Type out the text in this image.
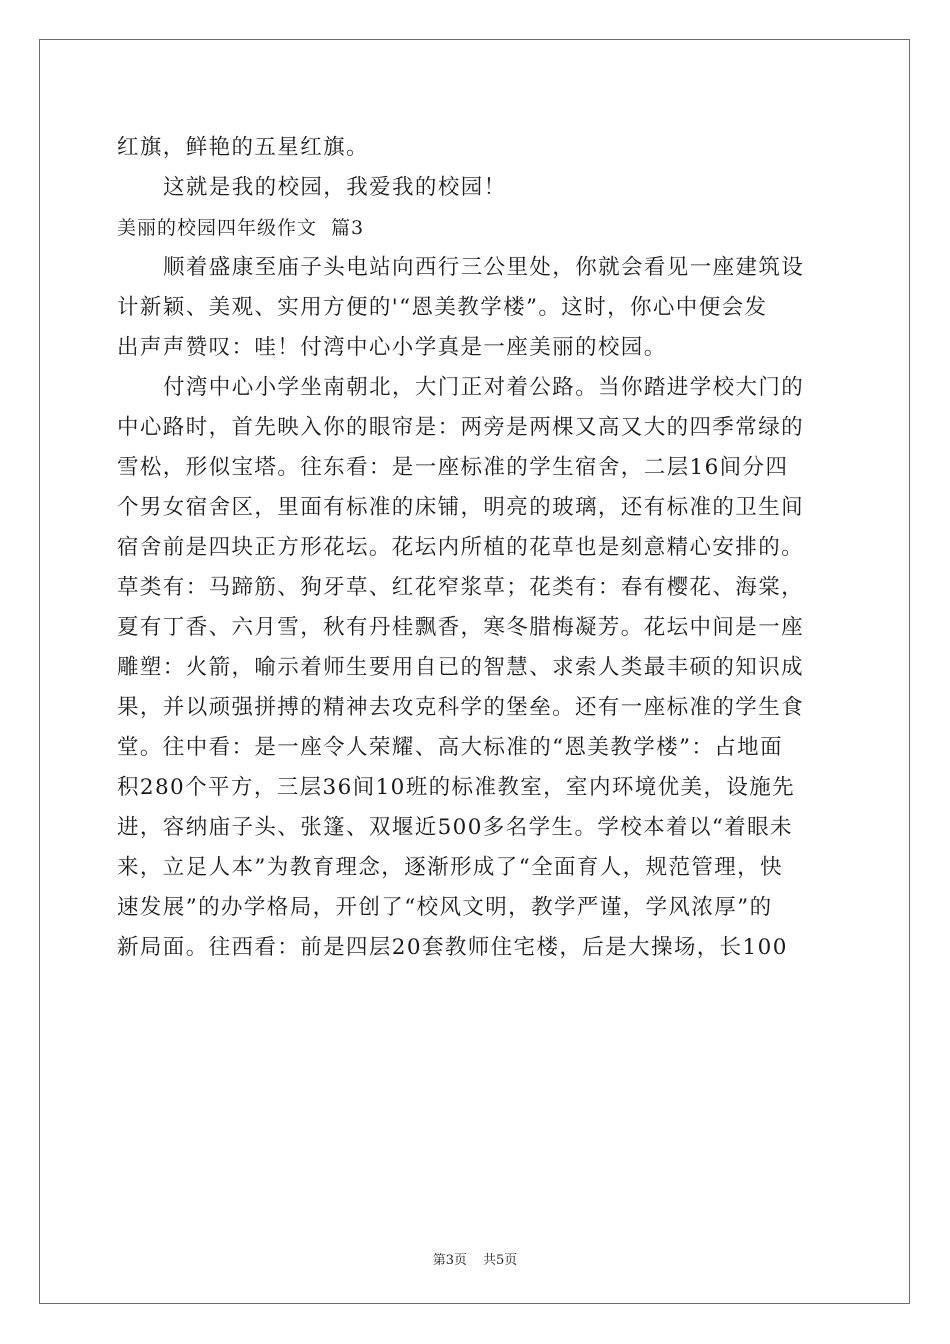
红旗，鲜艳的五星红旗。
这就是我的校园，我爱我的校园！
美丽的校园四年级作文 篇3
顺着盛康至庙子头电站向西行三公里处，你就会看见一座建筑设
计新颖、美观、实用方便的'“恩美教学楼”。这时，你心中便会发
出声声赞叹：哇！付湾中心小学真是一座美丽的校园。
付湾中心小学坐南朝北，大门正对着公路。当你踏进学校大门的
中心路时，首先映入你的眼帘是：两旁是两棵又高又大的四季常绿的
雪松，形似宝塔。往东看：是一座标准的学生宿舍，二层16间分四
个男女宿舍区，里面有标准的床铺，明亮的玻璃，还有标准的卫生间
宿舍前是四块正方形花坛。花坛内所植的花草也是刻意精心安排的。
草类有：马蹄筋、狗牙草、红花窄浆草；花类有：春有樱花、海棠，
夏有丁香、六月雪，秋有丹桂飘香，寒冬腊梅凝芳。花坛中间是一座
雕塑：火箭，喻示着师生要用自已的智慧、求索人类最丰硕的知识成
果，并以顽强拼搏的精神去攻克科学的堡垒。还有一座标准的学生食
堂。往中看：是一座令人荣耀、高大标准的“恩美教学楼”：占地面
积280个平方，三层36间10班的标准教室，室内环境优美，设施先
进，容纳庙子头、张篷、双堰近500多名学生。学校本着以“着眼未
来，立足人本”为教育理念，逐渐形成了“全面育人，规范管理，快
速发展”的办学格局，开创了“校风文明，教学严谨，学风浓厚”的
新局面。往西看：前是四层20套教师住宅楼，后是大操场，长100
第3页 共5页
